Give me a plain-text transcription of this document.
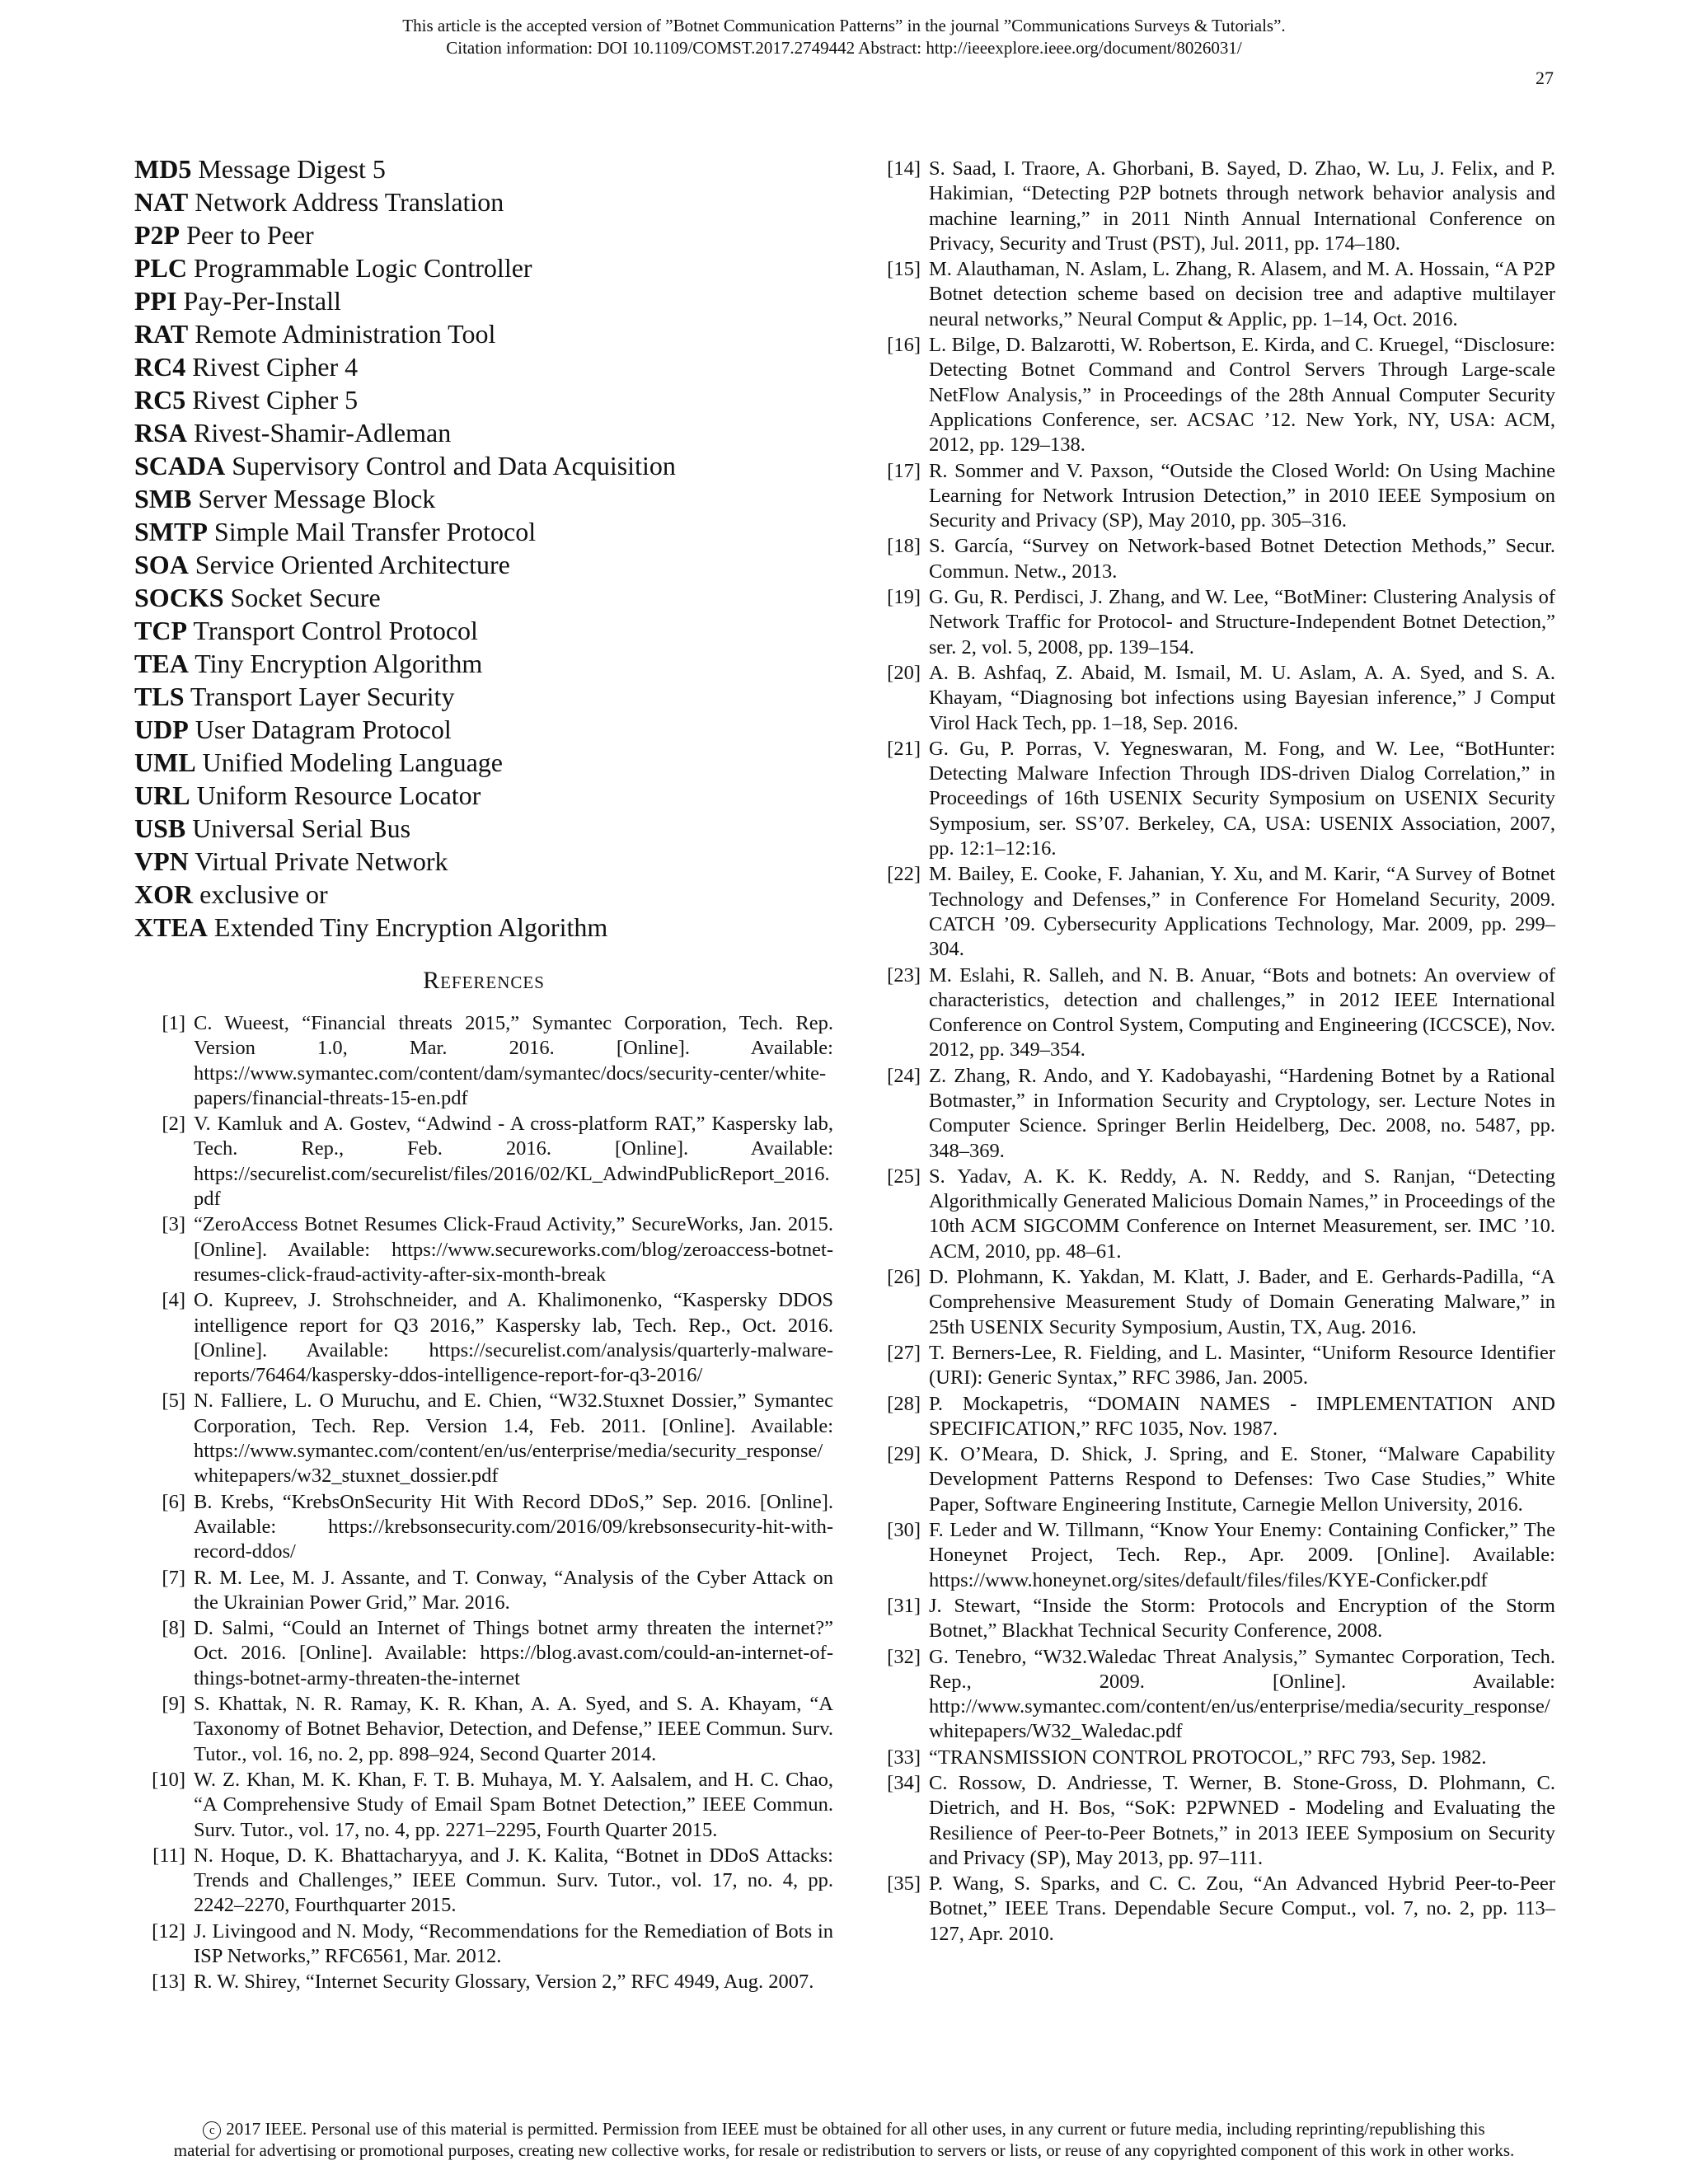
This article is the accepted version of ”Botnet Communication Patterns” in the journal ”Communications Surveys & Tutorials”.
Citation information: DOI 10.1109/COMST.2017.2749442 Abstract: http://ieeexplore.ieee.org/document/8026031/
27
MD5 Message Digest 5
NAT Network Address Translation
P2P Peer to Peer
PLC Programmable Logic Controller
PPI Pay-Per-Install
RAT Remote Administration Tool
RC4 Rivest Cipher 4
RC5 Rivest Cipher 5
RSA Rivest-Shamir-Adleman
SCADA Supervisory Control and Data Acquisition
SMB Server Message Block
SMTP Simple Mail Transfer Protocol
SOA Service Oriented Architecture
SOCKS Socket Secure
TCP Transport Control Protocol
TEA Tiny Encryption Algorithm
TLS Transport Layer Security
UDP User Datagram Protocol
UML Unified Modeling Language
URL Uniform Resource Locator
USB Universal Serial Bus
VPN Virtual Private Network
XOR exclusive or
XTEA Extended Tiny Encryption Algorithm
References
[1] C. Wueest, “Financial threats 2015,” Symantec Corporation, Tech. Rep. Version 1.0, Mar. 2016. [Online]. Available: https://www.symantec.com/content/dam/symantec/docs/security-center/white-papers/financial-threats-15-en.pdf
[2] V. Kamluk and A. Gostev, “Adwind - A cross-platform RAT,” Kaspersky lab, Tech. Rep., Feb. 2016. [Online]. Available: https://securelist.com/securelist/files/2016/02/KL_AdwindPublicReport_2016.pdf
[3] “ZeroAccess Botnet Resumes Click-Fraud Activity,” SecureWorks, Jan. 2015. [Online]. Available: https://www.secureworks.com/blog/zeroaccess-botnet-resumes-click-fraud-activity-after-six-month-break
[4] O. Kupreev, J. Strohschneider, and A. Khalimonenko, “Kaspersky DDOS intelligence report for Q3 2016,” Kaspersky lab, Tech. Rep., Oct. 2016. [Online]. Available: https://securelist.com/analysis/quarterly-malware-reports/76464/kaspersky-ddos-intelligence-report-for-q3-2016/
[5] N. Falliere, L. O Muruchu, and E. Chien, “W32.Stuxnet Dossier,” Symantec Corporation, Tech. Rep. Version 1.4, Feb. 2011. [Online]. Available: https://www.symantec.com/content/en/us/enterprise/media/security_response/whitepapers/w32_stuxnet_dossier.pdf
[6] B. Krebs, “KrebsOnSecurity Hit With Record DDoS,” Sep. 2016. [Online]. Available: https://krebsonsecurity.com/2016/09/krebsonsecurity-hit-with-record-ddos/
[7] R. M. Lee, M. J. Assante, and T. Conway, “Analysis of the Cyber Attack on the Ukrainian Power Grid,” Mar. 2016.
[8] D. Salmi, “Could an Internet of Things botnet army threaten the internet?” Oct. 2016. [Online]. Available: https://blog.avast.com/could-an-internet-of-things-botnet-army-threaten-the-internet
[9] S. Khattak, N. R. Ramay, K. R. Khan, A. A. Syed, and S. A. Khayam, “A Taxonomy of Botnet Behavior, Detection, and Defense,” IEEE Commun. Surv. Tutor., vol. 16, no. 2, pp. 898–924, Second Quarter 2014.
[10] W. Z. Khan, M. K. Khan, F. T. B. Muhaya, M. Y. Aalsalem, and H. C. Chao, “A Comprehensive Study of Email Spam Botnet Detection,” IEEE Commun. Surv. Tutor., vol. 17, no. 4, pp. 2271–2295, Fourth Quarter 2015.
[11] N. Hoque, D. K. Bhattacharyya, and J. K. Kalita, “Botnet in DDoS Attacks: Trends and Challenges,” IEEE Commun. Surv. Tutor., vol. 17, no. 4, pp. 2242–2270, Fourthquarter 2015.
[12] J. Livingood and N. Mody, “Recommendations for the Remediation of Bots in ISP Networks,” RFC6561, Mar. 2012.
[13] R. W. Shirey, “Internet Security Glossary, Version 2,” RFC 4949, Aug. 2007.
[14] S. Saad, I. Traore, A. Ghorbani, B. Sayed, D. Zhao, W. Lu, J. Felix, and P. Hakimian, “Detecting P2P botnets through network behavior analysis and machine learning,” in 2011 Ninth Annual International Conference on Privacy, Security and Trust (PST), Jul. 2011, pp. 174–180.
[15] M. Alauthaman, N. Aslam, L. Zhang, R. Alasem, and M. A. Hossain, “A P2P Botnet detection scheme based on decision tree and adaptive multilayer neural networks,” Neural Comput & Applic, pp. 1–14, Oct. 2016.
[16] L. Bilge, D. Balzarotti, W. Robertson, E. Kirda, and C. Kruegel, “Disclosure: Detecting Botnet Command and Control Servers Through Large-scale NetFlow Analysis,” in Proceedings of the 28th Annual Computer Security Applications Conference, ser. ACSAC ’12. New York, NY, USA: ACM, 2012, pp. 129–138.
[17] R. Sommer and V. Paxson, “Outside the Closed World: On Using Machine Learning for Network Intrusion Detection,” in 2010 IEEE Symposium on Security and Privacy (SP), May 2010, pp. 305–316.
[18] S. García, “Survey on Network-based Botnet Detection Methods,” Secur. Commun. Netw., 2013.
[19] G. Gu, R. Perdisci, J. Zhang, and W. Lee, “BotMiner: Clustering Analysis of Network Traffic for Protocol- and Structure-Independent Botnet Detection,” ser. 2, vol. 5, 2008, pp. 139–154.
[20] A. B. Ashfaq, Z. Abaid, M. Ismail, M. U. Aslam, A. A. Syed, and S. A. Khayam, “Diagnosing bot infections using Bayesian inference,” J Comput Virol Hack Tech, pp. 1–18, Sep. 2016.
[21] G. Gu, P. Porras, V. Yegneswaran, M. Fong, and W. Lee, “BotHunter: Detecting Malware Infection Through IDS-driven Dialog Correlation,” in Proceedings of 16th USENIX Security Symposium on USENIX Security Symposium, ser. SS’07. Berkeley, CA, USA: USENIX Association, 2007, pp. 12:1–12:16.
[22] M. Bailey, E. Cooke, F. Jahanian, Y. Xu, and M. Karir, “A Survey of Botnet Technology and Defenses,” in Conference For Homeland Security, 2009. CATCH ’09. Cybersecurity Applications Technology, Mar. 2009, pp. 299–304.
[23] M. Eslahi, R. Salleh, and N. B. Anuar, “Bots and botnets: An overview of characteristics, detection and challenges,” in 2012 IEEE International Conference on Control System, Computing and Engineering (ICCSCE), Nov. 2012, pp. 349–354.
[24] Z. Zhang, R. Ando, and Y. Kadobayashi, “Hardening Botnet by a Rational Botmaster,” in Information Security and Cryptology, ser. Lecture Notes in Computer Science. Springer Berlin Heidelberg, Dec. 2008, no. 5487, pp. 348–369.
[25] S. Yadav, A. K. K. Reddy, A. N. Reddy, and S. Ranjan, “Detecting Algorithmically Generated Malicious Domain Names,” in Proceedings of the 10th ACM SIGCOMM Conference on Internet Measurement, ser. IMC ’10. ACM, 2010, pp. 48–61.
[26] D. Plohmann, K. Yakdan, M. Klatt, J. Bader, and E. Gerhards-Padilla, “A Comprehensive Measurement Study of Domain Generating Malware,” in 25th USENIX Security Symposium, Austin, TX, Aug. 2016.
[27] T. Berners-Lee, R. Fielding, and L. Masinter, “Uniform Resource Identifier (URI): Generic Syntax,” RFC 3986, Jan. 2005.
[28] P. Mockapetris, “DOMAIN NAMES - IMPLEMENTATION AND SPECIFICATION,” RFC 1035, Nov. 1987.
[29] K. O’Meara, D. Shick, J. Spring, and E. Stoner, “Malware Capability Development Patterns Respond to Defenses: Two Case Studies,” White Paper, Software Engineering Institute, Carnegie Mellon University, 2016.
[30] F. Leder and W. Tillmann, “Know Your Enemy: Containing Conficker,” The Honeynet Project, Tech. Rep., Apr. 2009. [Online]. Available: https://www.honeynet.org/sites/default/files/files/KYE-Conficker.pdf
[31] J. Stewart, “Inside the Storm: Protocols and Encryption of the Storm Botnet,” Blackhat Technical Security Conference, 2008.
[32] G. Tenebro, “W32.Waledac Threat Analysis,” Symantec Corporation, Tech. Rep., 2009. [Online]. Available: http://www.symantec.com/content/en/us/enterprise/media/security_response/whitepapers/W32_Waledac.pdf
[33] “TRANSMISSION CONTROL PROTOCOL,” RFC 793, Sep. 1982.
[34] C. Rossow, D. Andriesse, T. Werner, B. Stone-Gross, D. Plohmann, C. Dietrich, and H. Bos, “SoK: P2PWNED - Modeling and Evaluating the Resilience of Peer-to-Peer Botnets,” in 2013 IEEE Symposium on Security and Privacy (SP), May 2013, pp. 97–111.
[35] P. Wang, S. Sparks, and C. C. Zou, “An Advanced Hybrid Peer-to-Peer Botnet,” IEEE Trans. Dependable Secure Comput., vol. 7, no. 2, pp. 113–127, Apr. 2010.
c 2017 IEEE. Personal use of this material is permitted. Permission from IEEE must be obtained for all other uses, in any current or future media, including reprinting/republishing this
material for advertising or promotional purposes, creating new collective works, for resale or redistribution to servers or lists, or reuse of any copyrighted component of this work in other works.
